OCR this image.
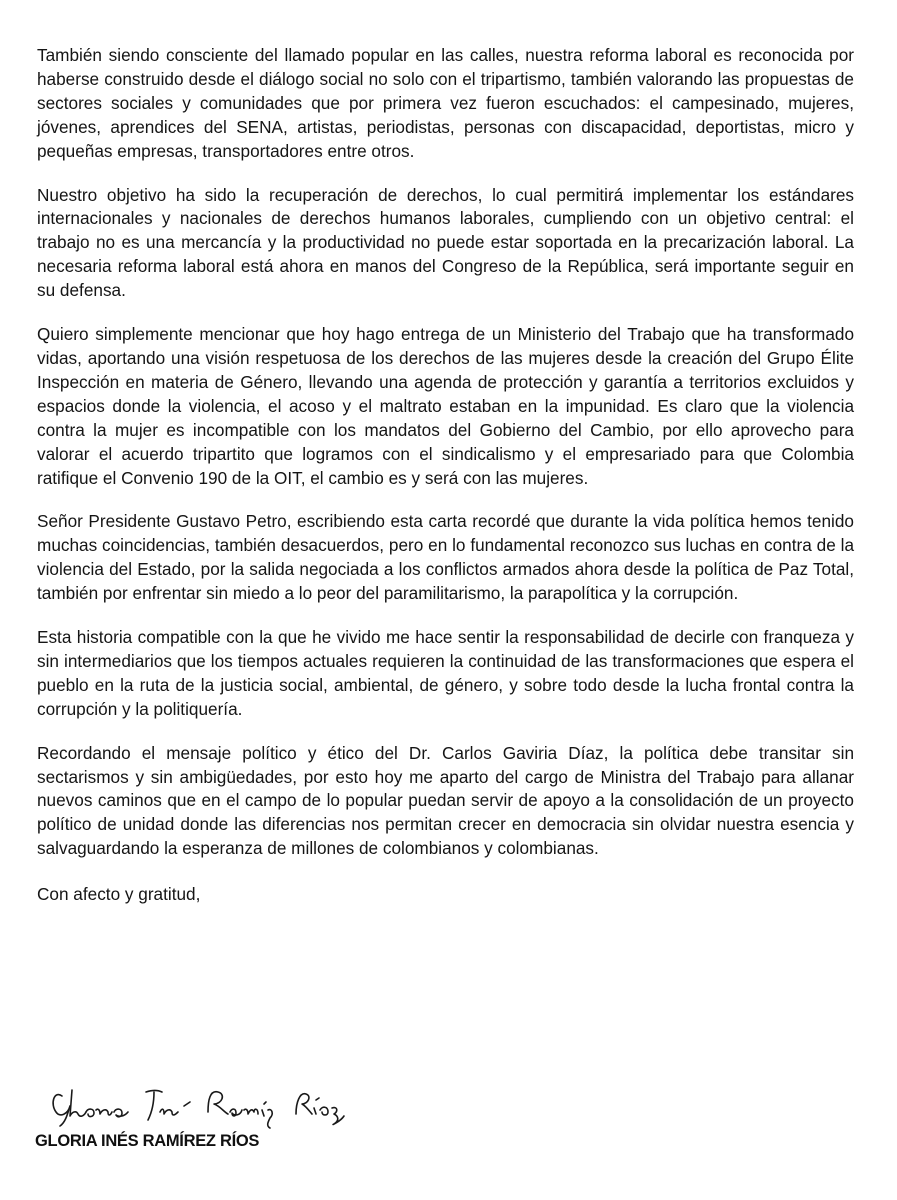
También siendo consciente del llamado popular en las calles, nuestra reforma laboral es reconocida por haberse construido desde el diálogo social no solo con el tripartismo, también valorando las propuestas de sectores sociales y comunidades que por primera vez fueron escuchados: el campesinado, mujeres, jóvenes, aprendices del SENA, artistas, periodistas, personas con discapacidad, deportistas, micro y pequeñas empresas, transportadores entre otros.

Nuestro objetivo ha sido la recuperación de derechos, lo cual permitirá implementar los estándares internacionales y nacionales de derechos humanos laborales, cumpliendo con un objetivo central: el trabajo no es una mercancía y la productividad no puede estar soportada en la precarización laboral. La necesaria reforma laboral está ahora en manos del Congreso de la República, será importante seguir en su defensa.

Quiero simplemente mencionar que hoy hago entrega de un Ministerio del Trabajo que ha transformado vidas, aportando una visión respetuosa de los derechos de las mujeres desde la creación del Grupo Élite Inspección en materia de Género, llevando una agenda de protección y garantía a territorios excluidos y espacios donde la violencia, el acoso y el maltrato estaban en la impunidad. Es claro que la violencia contra la mujer es incompatible con los mandatos del Gobierno del Cambio, por ello aprovecho para valorar el acuerdo tripartito que logramos con el sindicalismo y el empresariado para que Colombia ratifique el Convenio 190 de la OIT, el cambio es y será con las mujeres.

Señor Presidente Gustavo Petro, escribiendo esta carta recordé que durante la vida política hemos tenido muchas coincidencias, también desacuerdos, pero en lo fundamental reconozco sus luchas en contra de la violencia del Estado, por la salida negociada a los conflictos armados ahora desde la política de Paz Total, también por enfrentar sin miedo a lo peor del paramilitarismo, la parapolítica y la corrupción.

Esta historia compatible con la que he vivido me hace sentir la responsabilidad de decirle con franqueza y sin intermediarios que los tiempos actuales requieren la continuidad de las transformaciones que espera el pueblo en la ruta de la justicia social, ambiental, de género, y sobre todo desde la lucha frontal contra la corrupción y la politiquería.

Recordando el mensaje político y ético del Dr. Carlos Gaviria Díaz, la política debe transitar sin sectarismos y sin ambigüedades, por esto hoy me aparto del cargo de Ministra del Trabajo para allanar nuevos caminos que en el campo de lo popular puedan servir de apoyo a la consolidación de un proyecto político de unidad donde las diferencias nos permitan crecer en democracia sin olvidar nuestra esencia y salvaguardando la esperanza de millones de colombianos y colombianas.

Con afecto y gratitud,

GLORIA INÉS RAMÍREZ RÍOS
